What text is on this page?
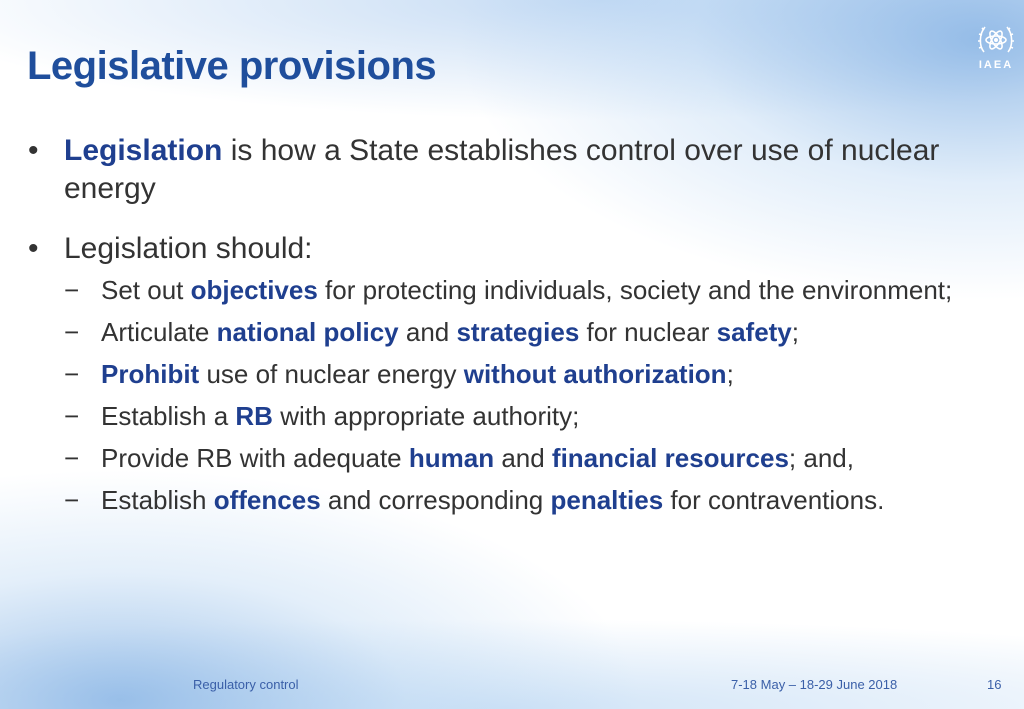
Legislative provisions	IAEA
• Legislation is how a State establishes control over use of nuclear energy
• Legislation should:
− Set out objectives for protecting individuals, society and the environment;
− Articulate national policy and strategies for nuclear safety;
− Prohibit use of nuclear energy without authorization;
− Establish a RB with appropriate authority;
− Provide RB with adequate human and financial resources; and,
− Establish offences and corresponding penalties for contraventions.
Regulatory control	7-18 May – 18-29 June 2018	16
